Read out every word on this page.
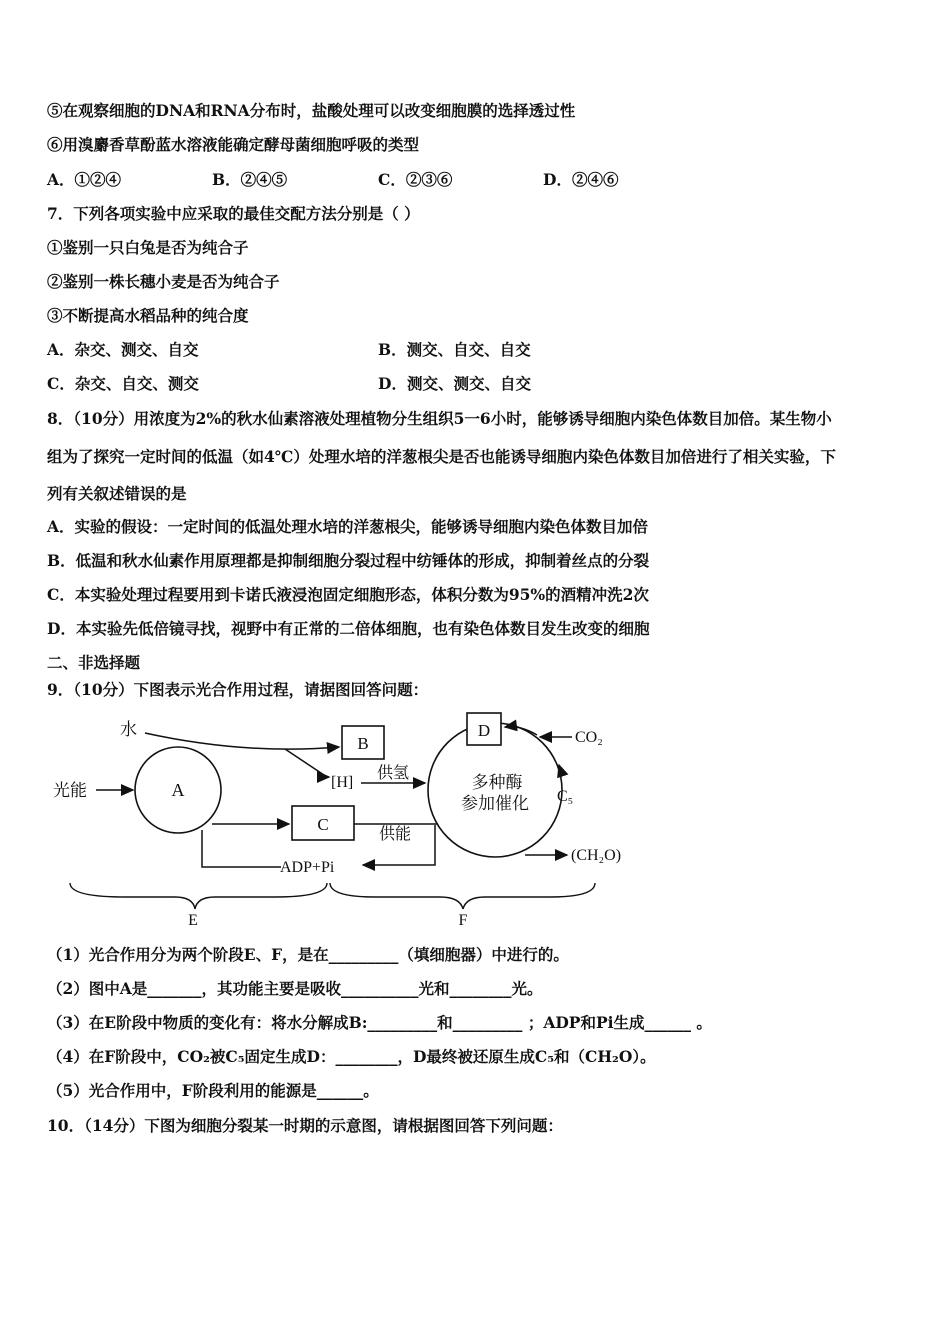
⑤在观察细胞的DNA和RNA分布时，盐酸处理可以改变细胞膜的选择透过性
⑥用溴麝香草酚蓝水溶液能确定酵母菌细胞呼吸的类型
A．①②④	B．②④⑤	C．②③⑥	D．②④⑥
7．下列各项实验中应采取的最佳交配方法分别是（ ）
①鉴别一只白兔是否为纯合子
②鉴别一株长穗小麦是否为纯合子
③不断提高水稻品种的纯合度
A．杂交、测交、自交	B．测交、自交、自交
C．杂交、自交、测交	D．测交、测交、自交
8．（10分）用浓度为2%的秋水仙素溶液处理植物分生组织5一6小时，能够诱导细胞内染色体数目加倍。某生物小
组为了探究一定时间的低温（如4℃）处理水培的洋葱根尖是否也能诱导细胞内染色体数目加倍进行了相关实验，下
列有关叙述错误的是
A．实验的假设：一定时间的低温处理水培的洋葱根尖，能够诱导细胞内染色体数目加倍
B．低温和秋水仙素作用原理都是抑制细胞分裂过程中纺锤体的形成，抑制着丝点的分裂
C．本实验处理过程要用到卡诺氏液浸泡固定细胞形态，体积分数为95%的酒精冲洗2次
D．本实验先低倍镜寻找，视野中有正常的二倍体细胞，也有染色体数目发生改变的细胞
二、非选择题
9．（10分）下图表示光合作用过程，请据图回答问题：
A
光能
水
B
[H]
供氢	多种酶
参加催化
D	CO₂
C₅
C
供能
ADP+Pi
(CH₂O)
E	F
（1）光合作用分为两个阶段E、F，是在_________（填细胞器）中进行的。
（2）图中A是_______，其功能主要是吸收__________光和________光。
（3）在E阶段中物质的变化有：将水分解成B:_________和_________ ；ADP和Pi生成______ 。
（4）在F阶段中，CO₂被C₅固定生成D：________，D最终被还原生成C₅和（CH₂O）。
（5）光合作用中，F阶段利用的能源是______。
10．（14分）下图为细胞分裂某一时期的示意图，请根据图回答下列问题：
